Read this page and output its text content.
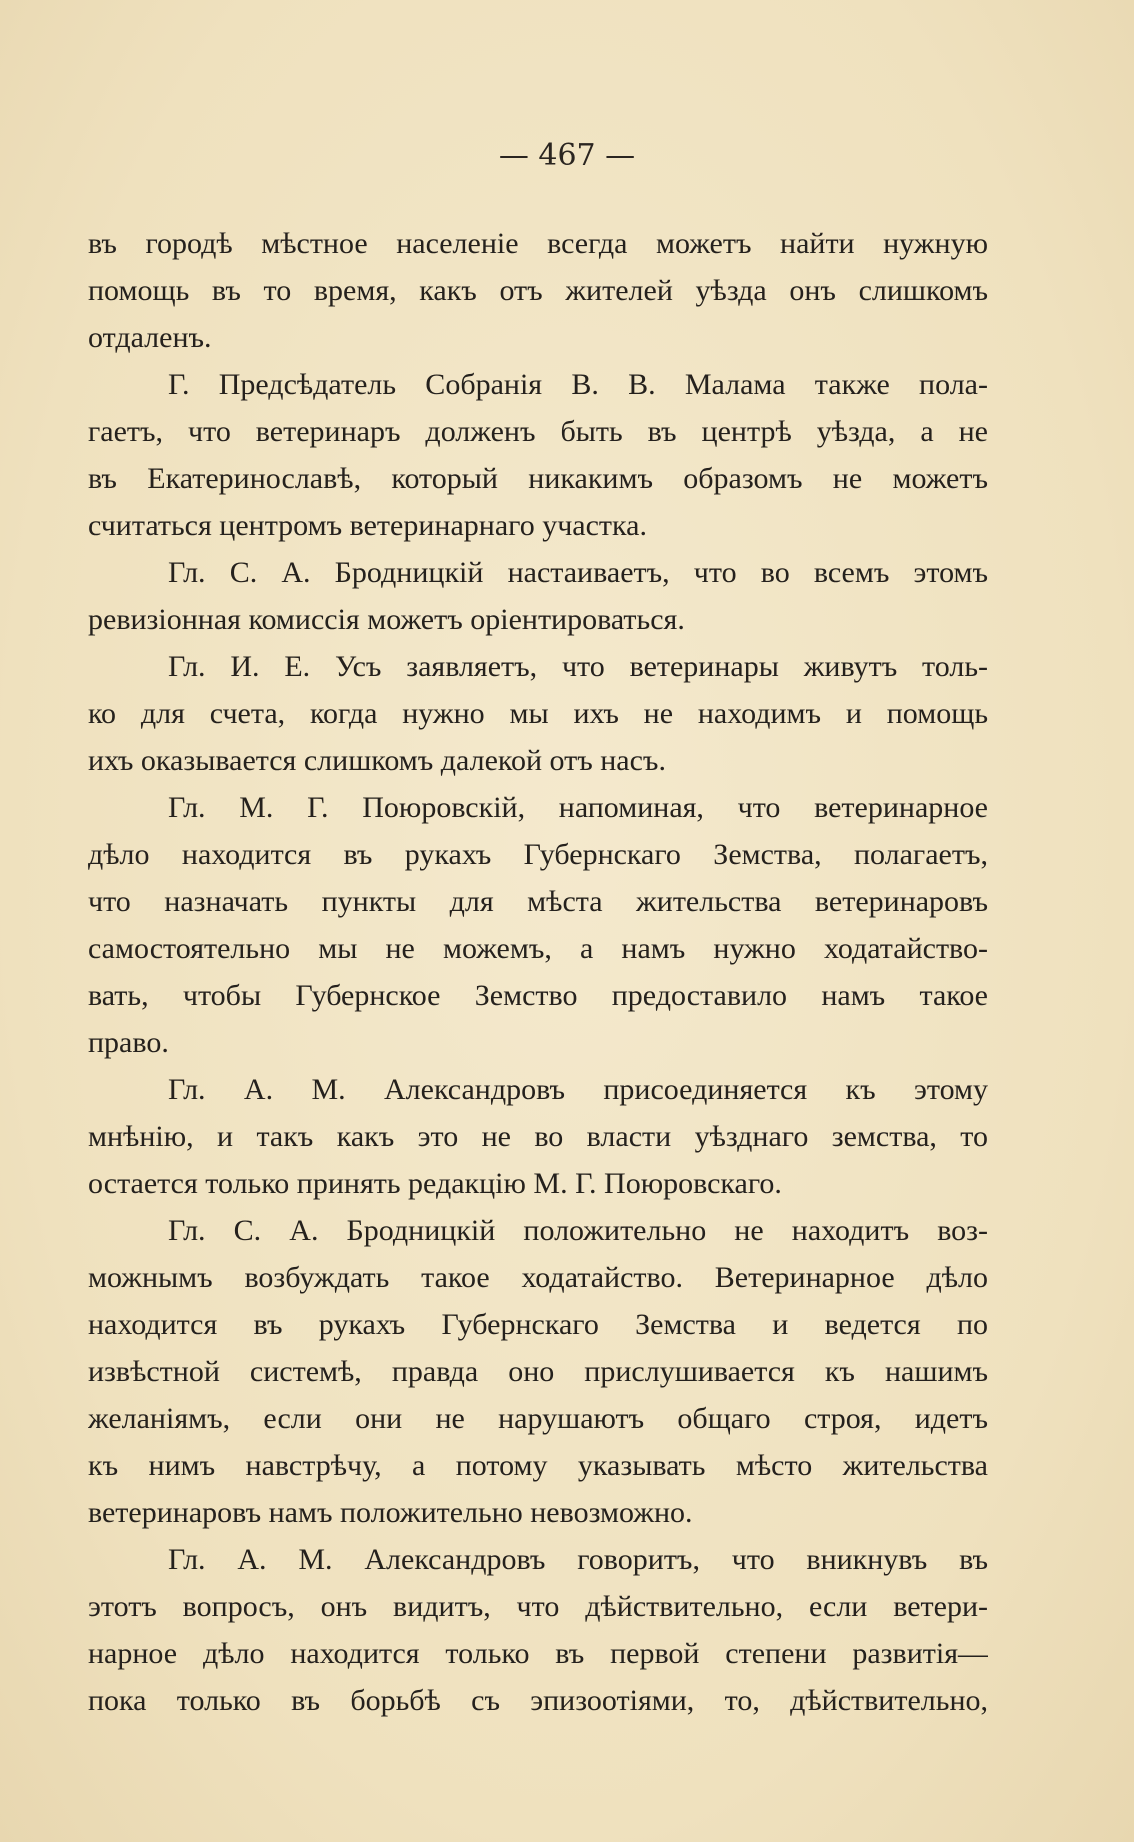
— 467 —
въ городѣ мѣстное населеніе всегда можетъ найти нужную
помощь въ то время, какъ отъ жителей уѣзда онъ слишкомъ
отдаленъ.
Г. Предсѣдатель Собранія В. В. Малама также пола-
гаетъ, что ветеринаръ долженъ быть въ центрѣ уѣзда, а не
въ Екатеринославѣ, который никакимъ образомъ не можетъ
считаться центромъ ветеринарнаго участка.
Гл. С. А. Бродницкій настаиваетъ, что во всемъ этомъ
ревизіонная комиссія можетъ оріентироваться.
Гл. И. Е. Усъ заявляетъ, что ветеринары живутъ толь-
ко для счета, когда нужно мы ихъ не находимъ и помощь
ихъ оказывается слишкомъ далекой отъ насъ.
Гл. М. Г. Поюровскій, напоминая, что ветеринарное
дѣло находится въ рукахъ Губернскаго Земства, полагаетъ,
что назначать пункты для мѣста жительства ветеринаровъ
самостоятельно мы не можемъ, а намъ нужно ходатайство-
вать, чтобы Губернское Земство предоставило намъ такое
право.
Гл. А. М. Александровъ присоединяется къ этому
мнѣнію, и такъ какъ это не во власти уѣзднаго земства, то
остается только принять редакцію М. Г. Поюровскаго.
Гл. С. А. Бродницкій положительно не находитъ воз-
можнымъ возбуждать такое ходатайство. Ветеринарное дѣло
находится въ рукахъ Губернскаго Земства и ведется по
извѣстной системѣ, правда оно прислушивается къ нашимъ
желаніямъ, если они не нарушаютъ общаго строя, идетъ
къ нимъ навстрѣчу, а потому указывать мѣсто жительства
ветеринаровъ намъ положительно невозможно.
Гл. А. М. Александровъ говоритъ, что вникнувъ въ
этотъ вопросъ, онъ видитъ, что дѣйствительно, если ветери-
нарное дѣло находится только въ первой степени развитія—
пока только въ борьбѣ съ эпизоотіями, то, дѣйствительно,
